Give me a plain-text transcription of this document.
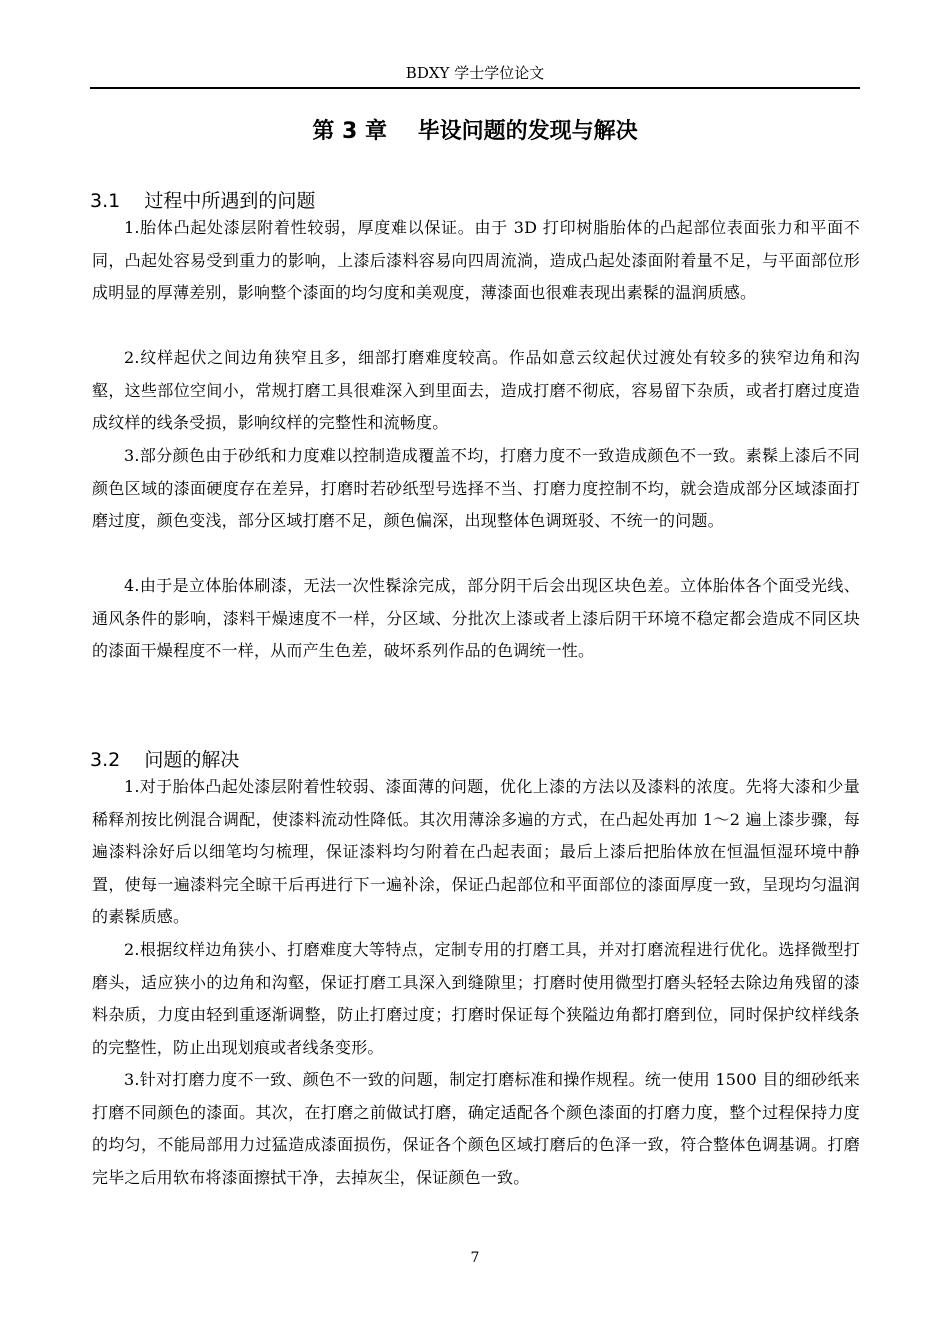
BDXY 学士学位论文
第 3 章    毕设问题的发现与解决
3.1    过程中所遇到的问题

1.胎体凸起处漆层附着性较弱，厚度难以保证。由于 3D 打印树脂胎体的凸起部位表面张力和平面不同，凸起处容易受到重力的影响，上漆后漆料容易向四周流淌，造成凸起处漆面附着量不足，与平面部位形成明显的厚薄差别，影响整个漆面的均匀度和美观度，薄漆面也很难表现出素髹的温润质感。

2.纹样起伏之间边角狭窄且多，细部打磨难度较高。作品如意云纹起伏过渡处有较多的狭窄边角和沟壑，这些部位空间小，常规打磨工具很难深入到里面去，造成打磨不彻底，容易留下杂质，或者打磨过度造成纹样的线条受损，影响纹样的完整性和流畅度。

3.部分颜色由于砂纸和力度难以控制造成覆盖不均，打磨力度不一致造成颜色不一致。素髹上漆后不同颜色区域的漆面硬度存在差异，打磨时若砂纸型号选择不当、打磨力度控制不均，就会造成部分区域漆面打磨过度，颜色变浅，部分区域打磨不足，颜色偏深，出现整体色调斑驳、不统一的问题。

4.由于是立体胎体刷漆，无法一次性髹涂完成，部分阴干后会出现区块色差。立体胎体各个面受光线、通风条件的影响，漆料干燥速度不一样，分区域、分批次上漆或者上漆后阴干环境不稳定都会造成不同区块的漆面干燥程度不一样，从而产生色差，破坏系列作品的色调统一性。

3.2    问题的解决

1.对于胎体凸起处漆层附着性较弱、漆面薄的问题，优化上漆的方法以及漆料的浓度。先将大漆和少量稀释剂按比例混合调配，使漆料流动性降低。其次用薄涂多遍的方式，在凸起处再加 1～2 遍上漆步骤，每遍漆料涂好后以细笔均匀梳理，保证漆料均匀附着在凸起表面；最后上漆后把胎体放在恒温恒湿环境中静置，使每一遍漆料完全晾干后再进行下一遍补涂，保证凸起部位和平面部位的漆面厚度一致，呈现均匀温润的素髹质感。

2.根据纹样边角狭小、打磨难度大等特点，定制专用的打磨工具，并对打磨流程进行优化。选择微型打磨头，适应狭小的边角和沟壑，保证打磨工具深入到缝隙里；打磨时使用微型打磨头轻轻去除边角残留的漆料杂质，力度由轻到重逐渐调整，防止打磨过度；打磨时保证每个狭隘边角都打磨到位，同时保护纹样线条的完整性，防止出现划痕或者线条变形。

3.针对打磨力度不一致、颜色不一致的问题，制定打磨标准和操作规程。统一使用 1500 目的细砂纸来打磨不同颜色的漆面。其次，在打磨之前做试打磨，确定适配各个颜色漆面的打磨力度，整个过程保持力度的均匀，不能局部用力过猛造成漆面损伤，保证各个颜色区域打磨后的色泽一致，符合整体色调基调。打磨完毕之后用软布将漆面擦拭干净，去掉灰尘，保证颜色一致。

7
